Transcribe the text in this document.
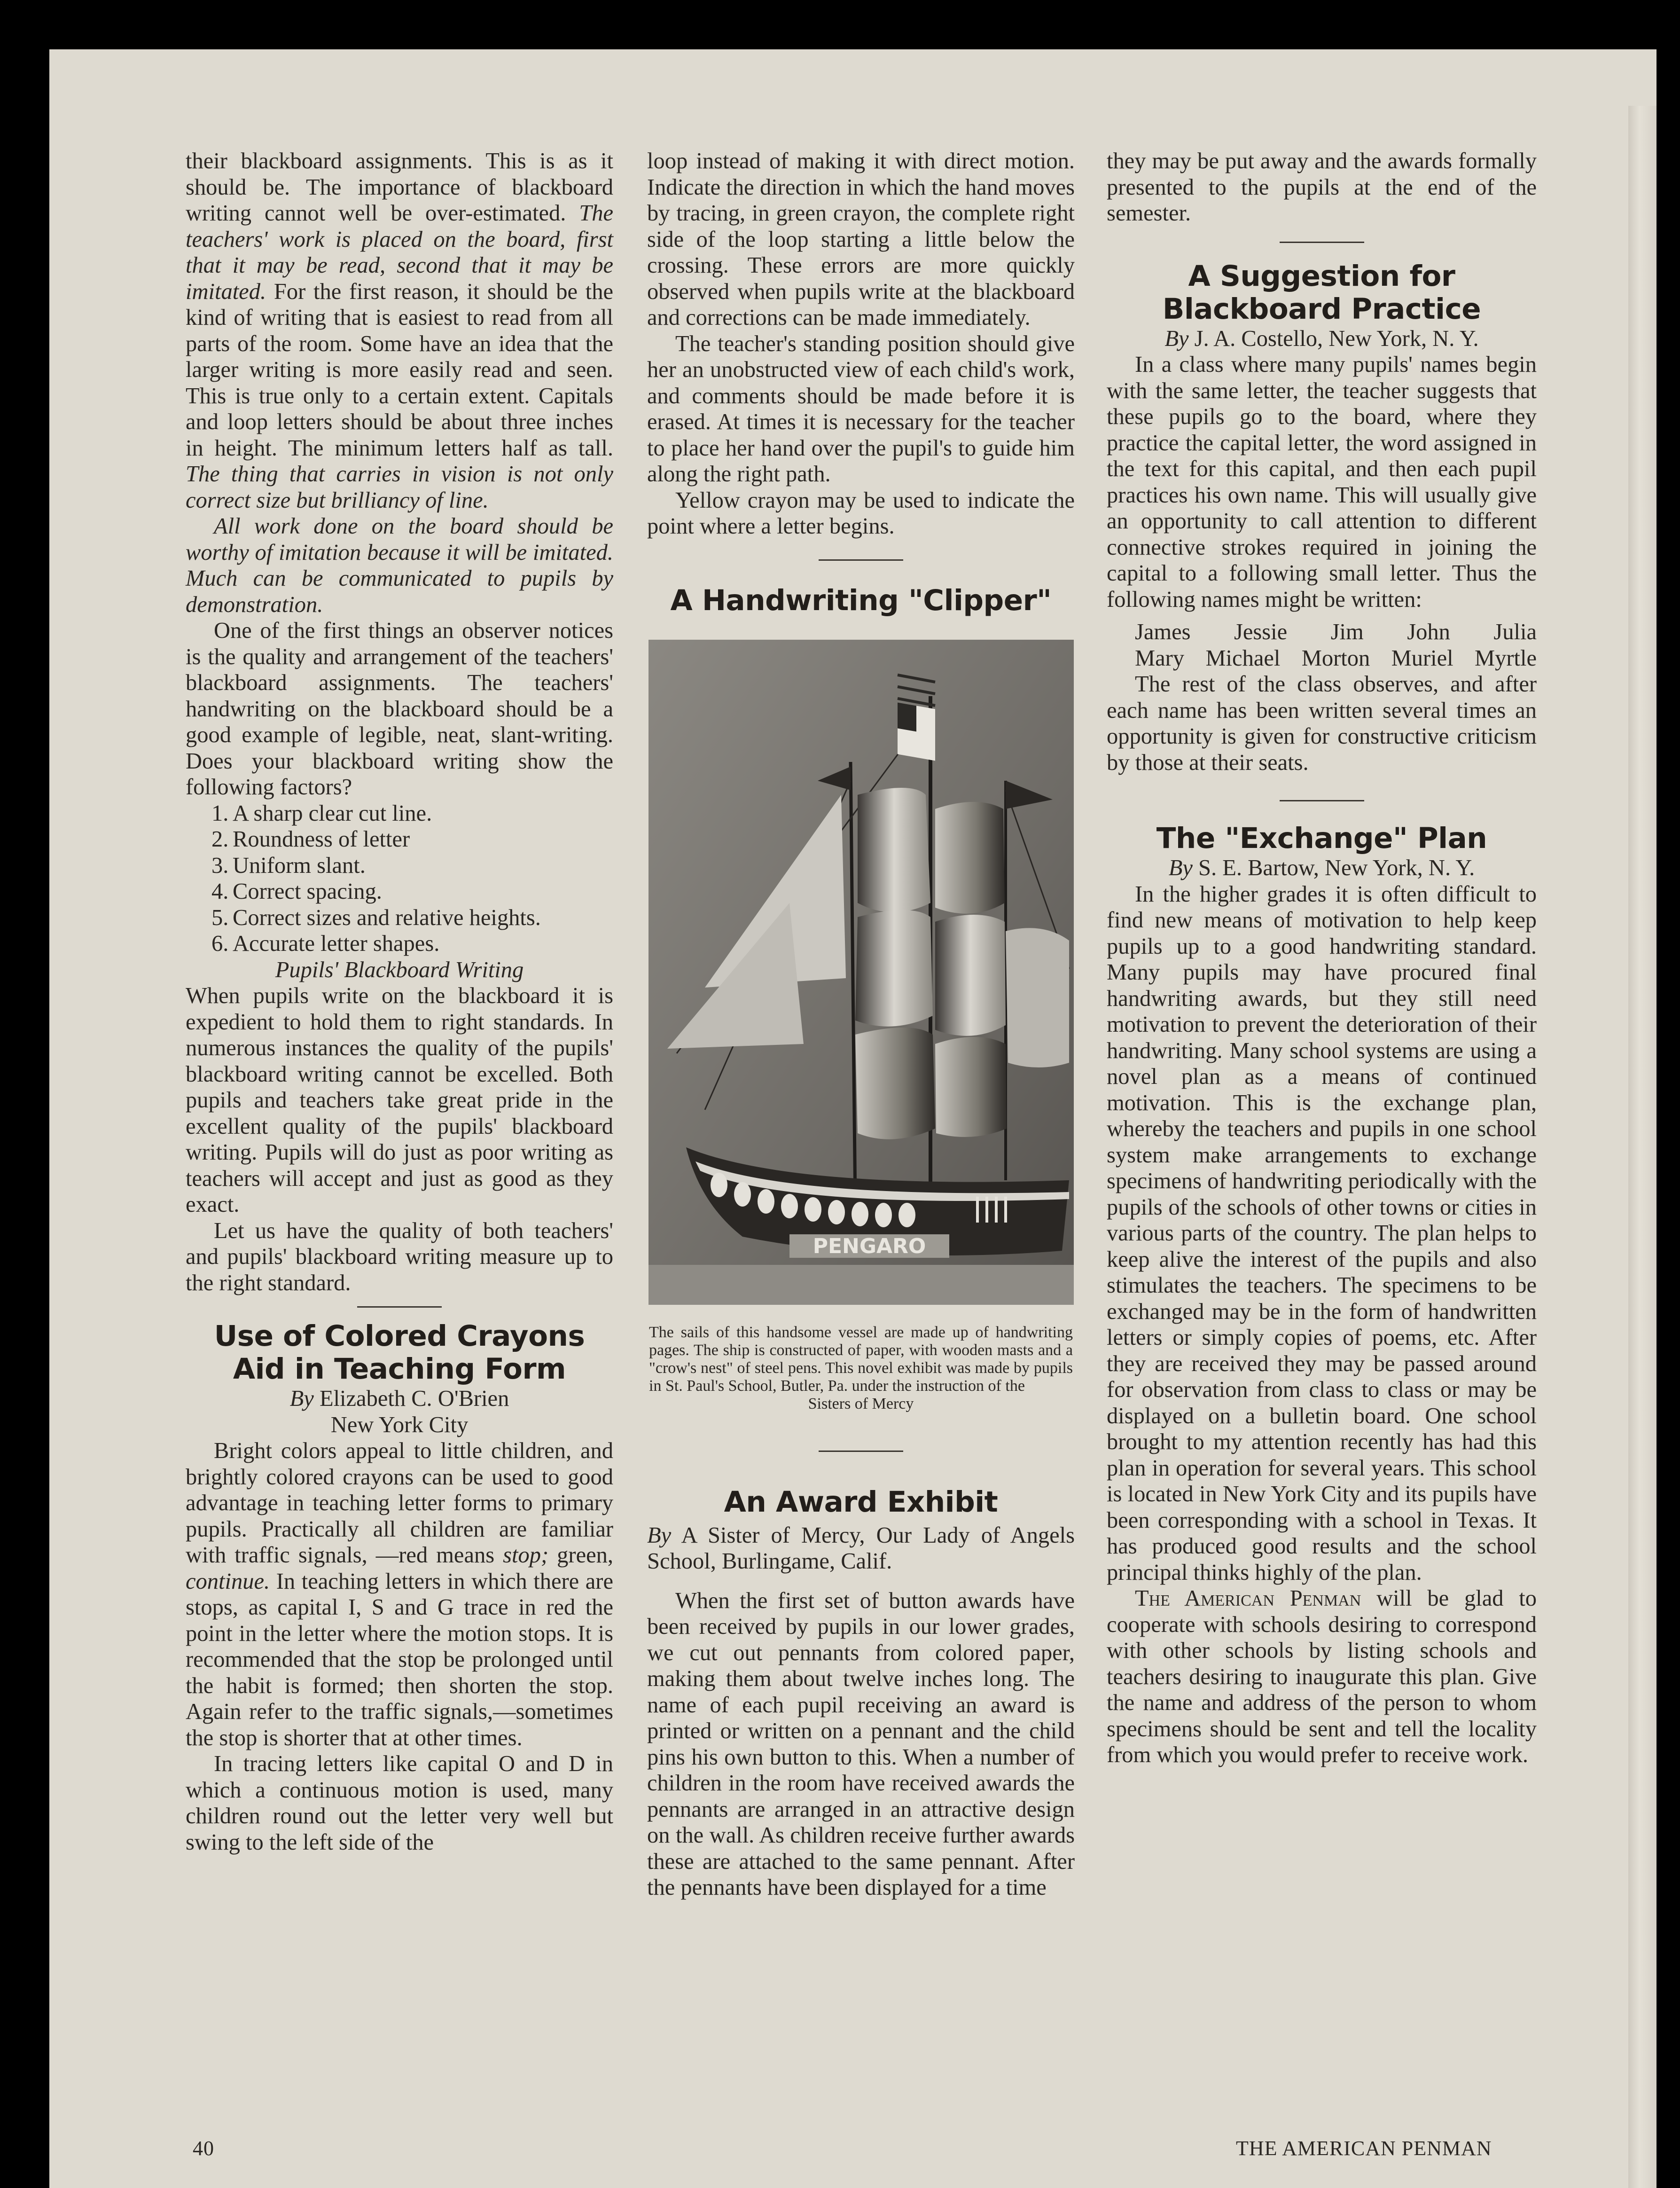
their blackboard assignments. This is as it should be. The importance of blackboard writing cannot well be over-estimated. The teachers' work is placed on the board, first that it may be read, second that it may be imitated. For the first reason, it should be the kind of writing that is easiest to read from all parts of the room. Some have an idea that the larger writing is more easily read and seen. This is true only to a certain extent. Capitals and loop letters should be about three inches in height. The minimum letters half as tall. The thing that carries in vision is not only correct size but brilliancy of line.

All work done on the board should be worthy of imitation because it will be imitated. Much can be communicated to pupils by demonstration.

One of the first things an observer notices is the quality and arrangement of the teachers' blackboard assignments. The teachers' handwriting on the blackboard should be a good example of legible, neat, slant-writing. Does your blackboard writing show the following factors?

1. A sharp clear cut line.
2. Roundness of letter
3. Uniform slant.
4. Correct spacing.
5. Correct sizes and relative heights.
6. Accurate letter shapes.

Pupils' Blackboard Writing

When pupils write on the blackboard it is expedient to hold them to right standards. In numerous instances the quality of the pupils' blackboard writing cannot be excelled. Both pupils and teachers take great pride in the excellent quality of the pupils' blackboard writing. Pupils will do just as poor writing as teachers will accept and just as good as they exact.

Let us have the quality of both teachers' and pupils' blackboard writing measure up to the right standard.

Use of Colored Crayons Aid in Teaching Form

By Elizabeth C. O'Brien

New York City

Bright colors appeal to little children, and brightly colored crayons can be used to good advantage in teaching letter forms to primary pupils. Practically all children are familiar with traffic signals, —red means stop; green, continue. In teaching letters in which there are stops, as capital I, S and G trace in red the point in the letter where the motion stops. It is recommended that the stop be prolonged until the habit is formed; then shorten the stop. Again refer to the traffic signals,—sometimes the stop is shorter that at other times.

In tracing letters like capital O and D in which a continuous motion is used, many children round out the letter very well but swing to the left side of the

loop instead of making it with direct motion. Indicate the direction in which the hand moves by tracing, in green crayon, the complete right side of the loop starting a little below the crossing. These errors are more quickly observed when pupils write at the blackboard and corrections can be made immediately.

The teacher's standing position should give her an unobstructed view of each child's work, and comments should be made before it is erased. At times it is necessary for the teacher to place her hand over the pupil's to guide him along the right path.

Yellow crayon may be used to indicate the point where a letter begins.

A Handwriting "Clipper"
PENGARO
The sails of this handsome vessel are made up of handwriting pages. The ship is constructed of paper, with wooden masts and a "crow's nest" of steel pens. This novel exhibit was made by pupils in St. Paul's School, Butler, Pa. under the instruction of the
Sisters of Mercy
An Award Exhibit

By A Sister of Mercy, Our Lady of Angels School, Burlingame, Calif.

When the first set of button awards have been received by pupils in our lower grades, we cut out pennants from colored paper, making them about twelve inches long. The name of each pupil receiving an award is printed or written on a pennant and the child pins his own button to this. When a number of children in the room have received awards the pennants are arranged in an attractive design on the wall. As children receive further awards these are attached to the same pennant. After the pennants have been displayed for a time

they may be put away and the awards formally presented to the pupils at the end of the semester.

A Suggestion for Blackboard Practice

By J. A. Costello, New York, N. Y.

In a class where many pupils' names begin with the same letter, the teacher suggests that these pupils go to the board, where they practice the capital letter, the word assigned in the text for this capital, and then each pupil practices his own name. This will usually give an opportunity to call attention to different connective strokes required in joining the capital to a following small letter. Thus the following names might be written:

James Jessie Jim John Julia
Mary Michael Morton Muriel Myrtle

The rest of the class observes, and after each name has been written several times an opportunity is given for constructive criticism by those at their seats.

The "Exchange" Plan

By S. E. Bartow, New York, N. Y.

In the higher grades it is often difficult to find new means of motivation to help keep pupils up to a good handwriting standard. Many pupils may have procured final handwriting awards, but they still need motivation to prevent the deterioration of their handwriting. Many school systems are using a novel plan as a means of continued motivation. This is the exchange plan, whereby the teachers and pupils in one school system make arrangements to exchange specimens of handwriting periodically with the pupils of the schools of other towns or cities in various parts of the country. The plan helps to keep alive the interest of the pupils and also stimulates the teachers. The specimens to be exchanged may be in the form of handwritten letters or simply copies of poems, etc. After they are received they may be passed around for observation from class to class or may be displayed on a bulletin board. One school brought to my attention recently has had this plan in operation for several years. This school is located in New York City and its pupils have been corresponding with a school in Texas. It has produced good results and the school principal thinks highly of the plan.

The American Penman will be glad to cooperate with schools desiring to correspond with other schools by listing schools and teachers desiring to inaugurate this plan. Give the name and address of the person to whom specimens should be sent and tell the locality from which you would prefer to receive work.

40	THE AMERICAN PENMAN
